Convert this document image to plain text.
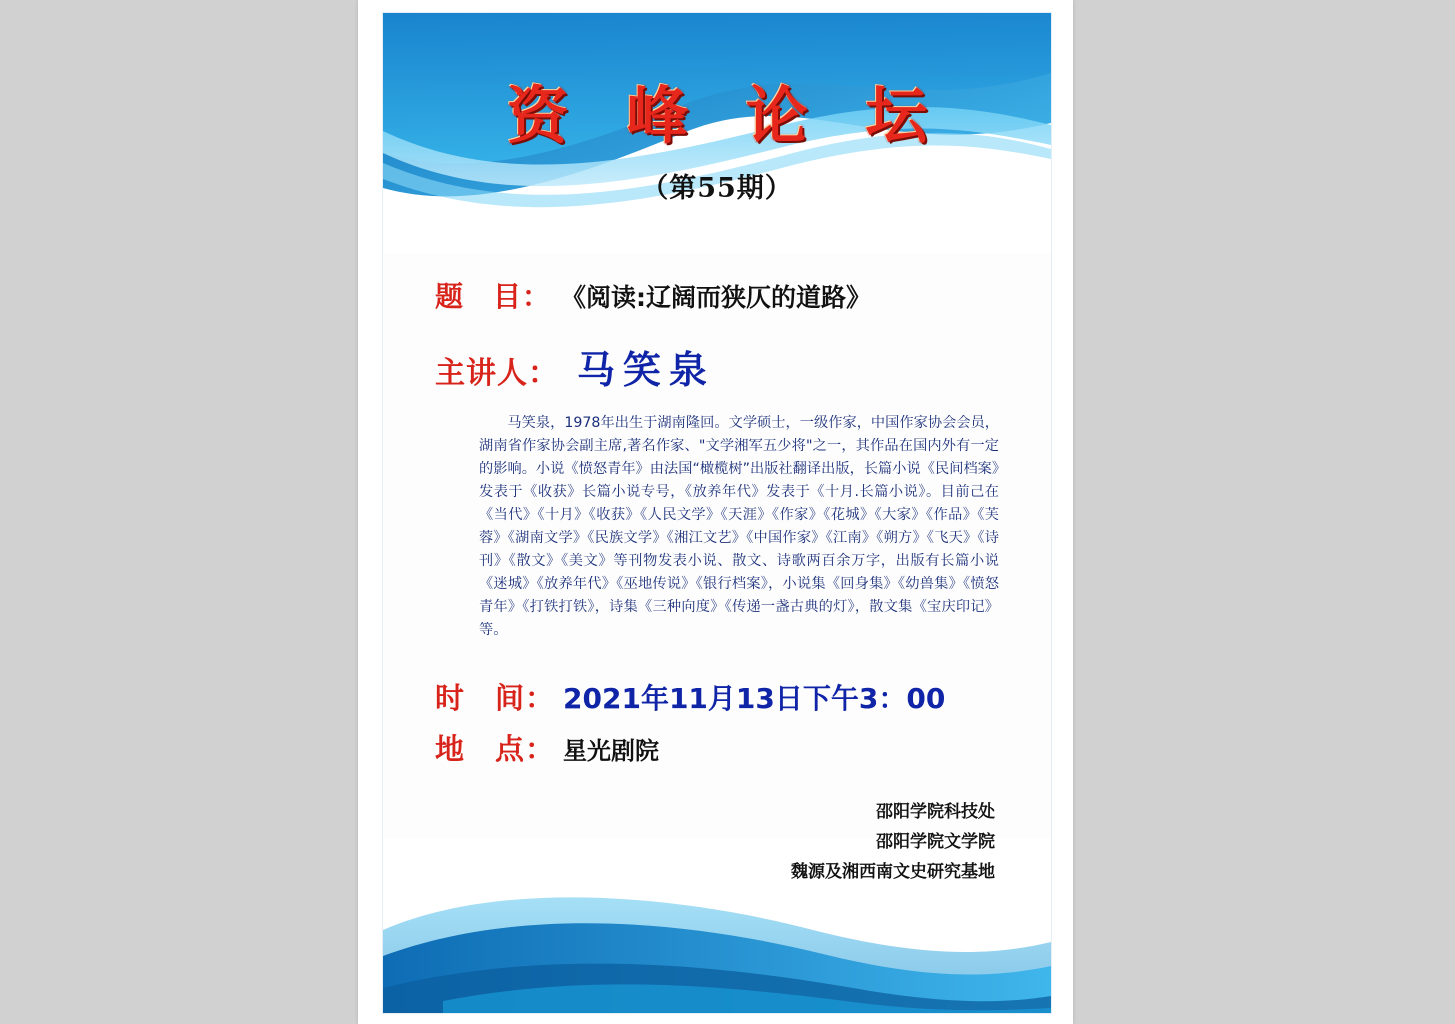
资 峰 论 坛
（第55期）
题　目： 《阅读:辽阔而狭仄的道路》
主讲人： 马笑泉
马笑泉，1978年出生于湖南隆回。文学硕士，一级作家，中国作家协会会员，湖南省作家协会副主席,著名作家、"文学湘军五少将"之一，其作品在国内外有一定的影响。小说《愤怒青年》由法国“橄榄树”出版社翻译出版，长篇小说《民间档案》发表于《收获》长篇小说专号，《放养年代》发表于《十月.长篇小说》。目前己在《当代》《十月》《收获》《人民文学》《天涯》《作家》《花城》《大家》《作品》《芙蓉》《湖南文学》《民族文学》《湘江文艺》《中国作家》《江南》《朔方》《飞天》《诗刊》《散文》《美文》等刊物发表小说、散文、诗歌两百余万字，出版有长篇小说《迷城》《放养年代》《巫地传说》《银行档案》，小说集《回身集》《幼兽集》《愤怒青年》《打铁打铁》，诗集《三种向度》《传递一盏古典的灯》，散文集《宝庆印记》等。
时　间： 2021年11月13日下午3：00
地　点： 星光剧院
邵阳学院科技处
邵阳学院文学院
魏源及湘西南文史研究基地
